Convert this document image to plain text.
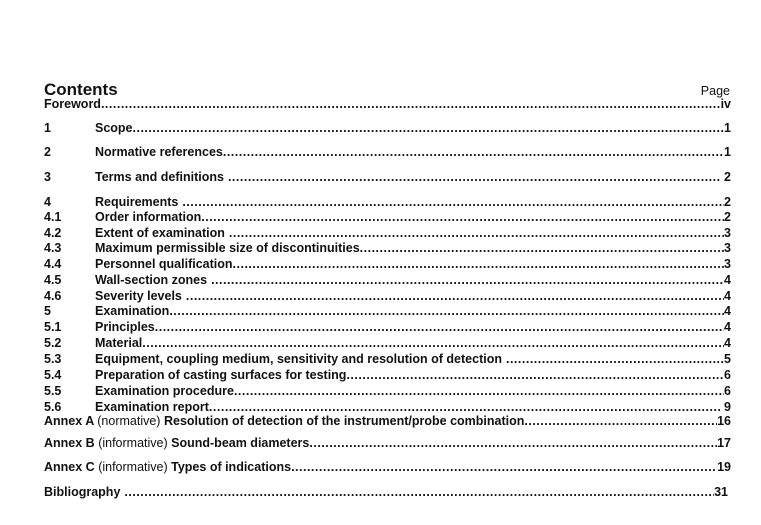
Contents	Page
Foreword .....	iv
1	Scope .....	1
2	Normative references .....	1
3	Terms and definitions .....	2
4	Requirements .....	2
4.1	Order information .....	2
4.2	Extent of examination .....	3
4.3	Maximum permissible size of discontinuities .....	3
4.4	Personnel qualification .....	3
4.5	Wall-section zones .....	4
4.6	Severity levels .....	4
5	Examination .....	4
5.1	Principles .....	4
5.2	Material .....	4
5.3	Equipment, coupling medium, sensitivity and resolution of detection .....	5
5.4	Preparation of casting surfaces for testing .....	6
5.5	Examination procedure .....	6
5.6	Examination report .....	9
Annex A (normative) Resolution of detection of the instrument/probe combination .....	16
Annex B (informative) Sound-beam diameters .....	17
Annex C (informative) Types of indications .....	19
Bibliography .....	31
